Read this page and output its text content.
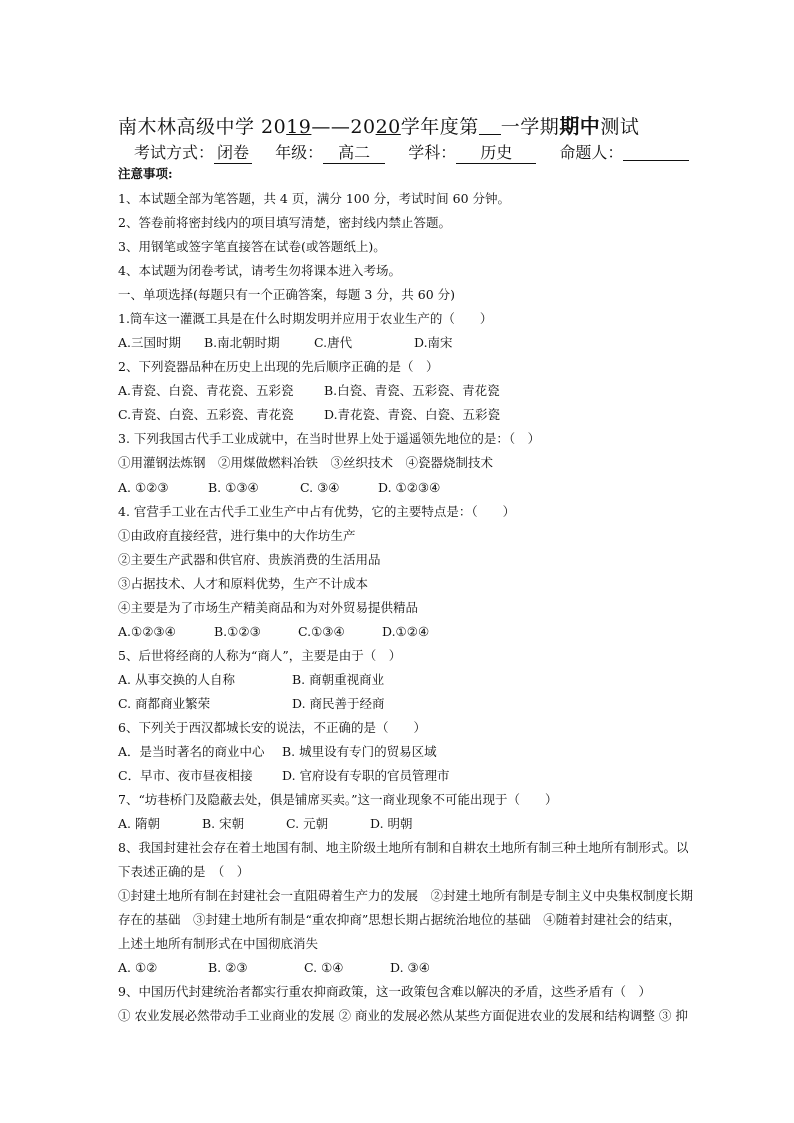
南木林高级中学 2019——2020学年度第 一学期期中测试
考试方式： 闭卷 年级： 高二 学科： 历史	命题人：
注意事项:
1、本试题全部为笔答题，共 4 页，满分 100 分，考试时间 60 分钟。
2、答卷前将密封线内的项目填写清楚，密封线内禁止答题。
3、用钢笔或签字笔直接答在试卷(或答题纸上)。
4、本试题为闭卷考试，请考生勿将课本进入考场。
一、单项选择(每题只有一个正确答案，每题 3 分，共 60 分)
1.筒车这一灌溉工具是在什么时期发明并应用于农业生产的（　　）
A.三国时期 B.南北朝时期	C.唐代	D.南宋
2、下列瓷器品种在历史上出现的先后顺序正确的是（　）
A.青瓷、白瓷、青花瓷、五彩瓷 B.白瓷、青瓷、五彩瓷、青花瓷
C.青瓷、白瓷、五彩瓷、青花瓷 D.青花瓷、青瓷、白瓷、五彩瓷
3. 下列我国古代手工业成就中，在当时世界上处于遥遥领先地位的是：（　）
①用灌钢法炼钢　②用煤做燃料冶铁　③丝织技术　④瓷器烧制技术
A. ①②③	B. ①③④	C. ③④	D. ①②③④
4. 官营手工业在古代手工业生产中占有优势，它的主要特点是：（　　）
①由政府直接经营，进行集中的大作坊生产
②主要生产武器和供官府、贵族消费的生活用品
③占据技术、人才和原料优势，生产不计成本
④主要是为了市场生产精美商品和为对外贸易提供精品
A.①②③④	B.①②③	C.①③④	D.①②④
5、后世将经商的人称为“商人”，主要是由于（　）
A. 从事交换的人自称	B. 商朝重视商业
C. 商都商业繁荣	D. 商民善于经商
6、下列关于西汉都城长安的说法，不正确的是（　　）
A．是当时著名的商业中心 B. 城里设有专门的贸易区域
C．早市、夜市昼夜相接 D. 官府设有专职的官员管理市
7、“坊巷桥门及隐蔽去处，俱是铺席买卖。”这一商业现象不可能出现于（　　）
A. 隋朝	B. 宋朝	C. 元朝	D. 明朝
8、我国封建社会存在着土地国有制、地主阶级土地所有制和自耕农土地所有制三种土地所有制形式。以
下表述正确的是　（　）
①封建土地所有制在封建社会一直阻碍着生产力的发展　②封建土地所有制是专制主义中央集权制度长期
存在的基础　③封建土地所有制是“重农抑商”思想长期占据统治地位的基础　④随着封建社会的结束，
上述土地所有制形式在中国彻底消失
A. ①②	B. ②③	C. ①④	D. ③④
9、中国历代封建统治者都实行重农抑商政策，这一政策包含难以解决的矛盾，这些矛盾有（　）
① 农业发展必然带动手工业商业的发展 ② 商业的发展必然从某些方面促进农业的发展和结构调整 ③ 抑
